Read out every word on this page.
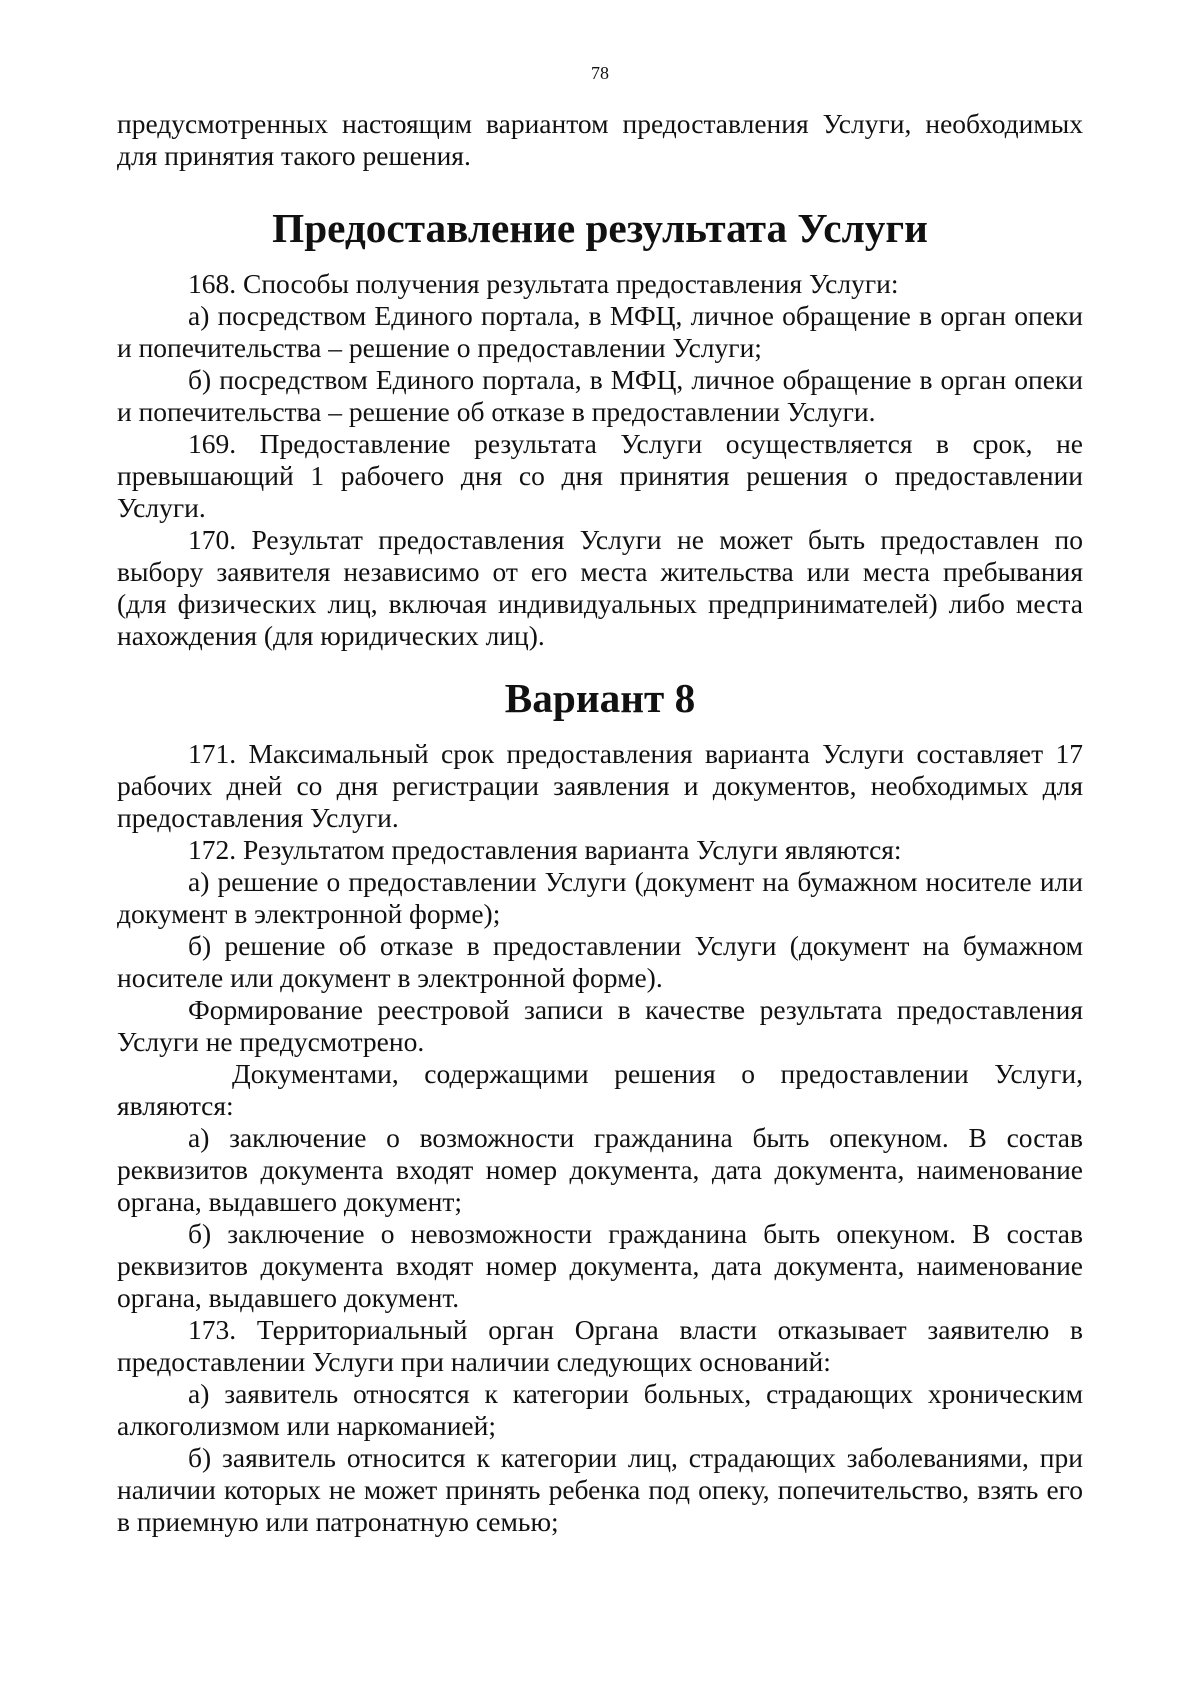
78

предусмотренных настоящим вариантом предоставления Услуги, необходимых для принятия такого решения.

Предоставление результата Услуги

168. Способы получения результата предоставления Услуги:

а) посредством Единого портала, в МФЦ, личное обращение в орган опеки и попечительства – решение о предоставлении Услуги;

б) посредством Единого портала, в МФЦ, личное обращение в орган опеки и попечительства – решение об отказе в предоставлении Услуги.

169. Предоставление результата Услуги осуществляется в срок, не превышающий 1 рабочего дня со дня принятия решения о предоставлении Услуги.

170. Результат предоставления Услуги не может быть предоставлен по выбору заявителя независимо от его места жительства или места пребывания (для физических лиц, включая индивидуальных предпринимателей) либо места нахождения (для юридических лиц).

Вариант 8

171. Максимальный срок предоставления варианта Услуги составляет 17 рабочих дней со дня регистрации заявления и документов, необходимых для предоставления Услуги.

172. Результатом предоставления варианта Услуги являются:

а) решение о предоставлении Услуги (документ на бумажном носителе или документ в электронной форме);

б) решение об отказе в предоставлении Услуги (документ на бумажном носителе или документ в электронной форме).

Формирование реестровой записи в качестве результата предоставления Услуги не предусмотрено.

Документами, содержащими решения о предоставлении Услуги, являются:

а) заключение о возможности гражданина быть опекуном. В состав реквизитов документа входят номер документа, дата документа, наименование органа, выдавшего документ;

б) заключение о невозможности гражданина быть опекуном. В состав реквизитов документа входят номер документа, дата документа, наименование органа, выдавшего документ.

173. Территориальный орган Органа власти отказывает заявителю в предоставлении Услуги при наличии следующих оснований:

а) заявитель относятся к категории больных, страдающих хроническим алкоголизмом или наркоманией;

б) заявитель относится к категории лиц, страдающих заболеваниями, при наличии которых не может принять ребенка под опеку, попечительство, взять его в приемную или патронатную семью;
